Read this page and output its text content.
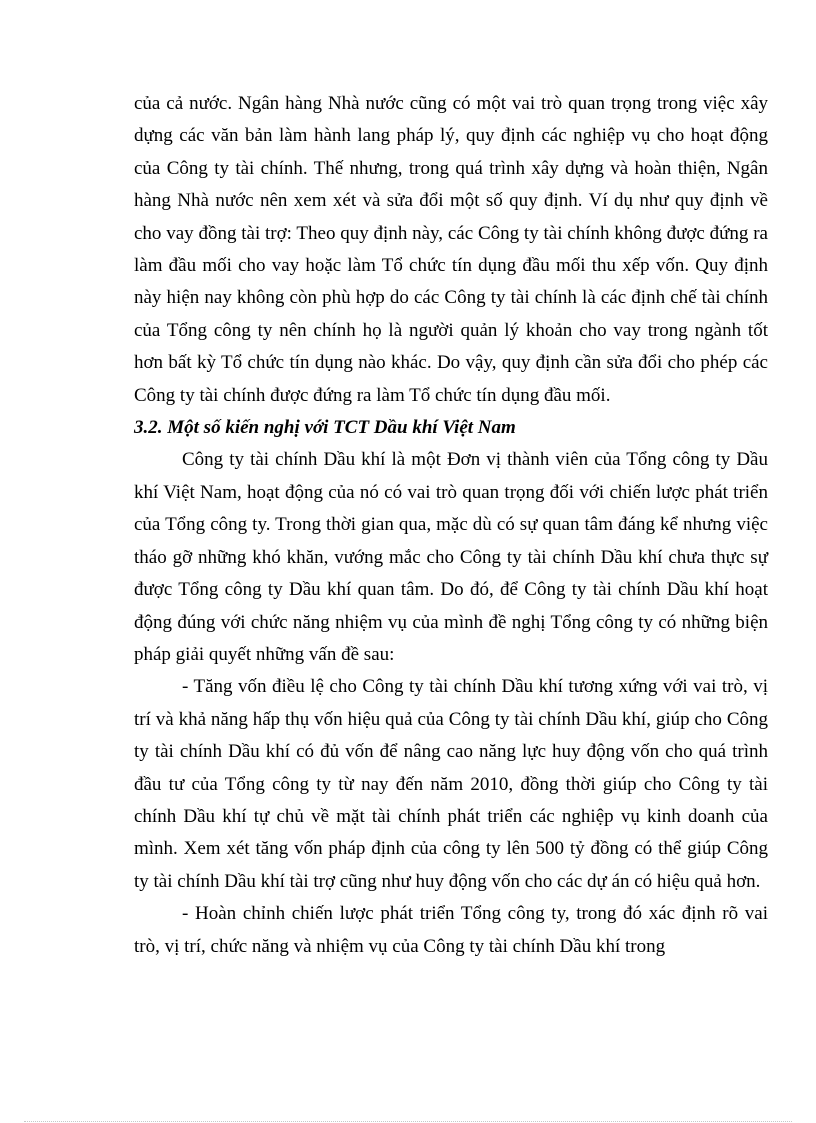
của cả nước. Ngân hàng Nhà nước cũng có một vai trò quan trọng trong việc xây dựng các văn bản làm hành lang pháp lý, quy định các nghiệp vụ cho hoạt động của Công ty tài chính. Thế nhưng, trong quá trình xây dựng và hoàn thiện, Ngân hàng Nhà nước nên xem xét và sửa đổi một số quy định. Ví dụ như quy định về cho vay đồng tài trợ: Theo quy định này, các Công ty tài chính không được đứng ra làm đầu mối cho vay hoặc làm Tổ chức tín dụng đầu mối thu xếp vốn. Quy định này hiện nay không còn phù hợp do các Công ty tài chính là các định chế tài chính của Tổng công ty nên chính họ là người quản lý khoản cho vay trong ngành tốt hơn bất kỳ Tổ chức tín dụng nào khác. Do vậy, quy định cần sửa đổi cho phép các Công ty tài chính được đứng ra làm Tổ chức tín dụng đầu mối.

3.2. Một số kiến nghị với TCT Dầu khí Việt Nam

Công ty tài chính Dầu khí là một Đơn vị thành viên của Tổng công ty Dầu khí Việt Nam, hoạt động của nó có vai trò quan trọng đối với chiến lược phát triển của Tổng công ty. Trong thời gian qua, mặc dù có sự quan tâm đáng kể nhưng việc tháo gỡ những khó khăn, vướng mắc cho Công ty tài chính Dầu khí chưa thực sự được Tổng công ty Dầu khí quan tâm. Do đó, để Công ty tài chính Dầu khí hoạt động đúng với chức năng nhiệm vụ của mình đề nghị Tổng công ty có những biện pháp giải quyết những vấn đề sau:

- Tăng vốn điều lệ cho Công ty tài chính Dầu khí tương xứng với vai trò, vị trí và khả năng hấp thụ vốn hiệu quả của Công ty tài chính Dầu khí, giúp cho Công ty tài chính Dầu khí có đủ vốn để nâng cao năng lực huy động vốn cho quá trình đầu tư của Tổng công ty từ nay đến năm 2010, đồng thời giúp cho Công ty tài chính Dầu khí tự chủ về mặt tài chính phát triển các nghiệp vụ kinh doanh của mình. Xem xét tăng vốn pháp định của công ty lên 500 tỷ đồng có thể giúp Công ty tài chính Dầu khí tài trợ cũng như huy động vốn cho các dự án có hiệu quả hơn.

- Hoàn chỉnh chiến lược phát triển Tổng công ty, trong đó xác định rõ vai trò, vị trí, chức năng và nhiệm vụ của Công ty tài chính Dầu khí trong
